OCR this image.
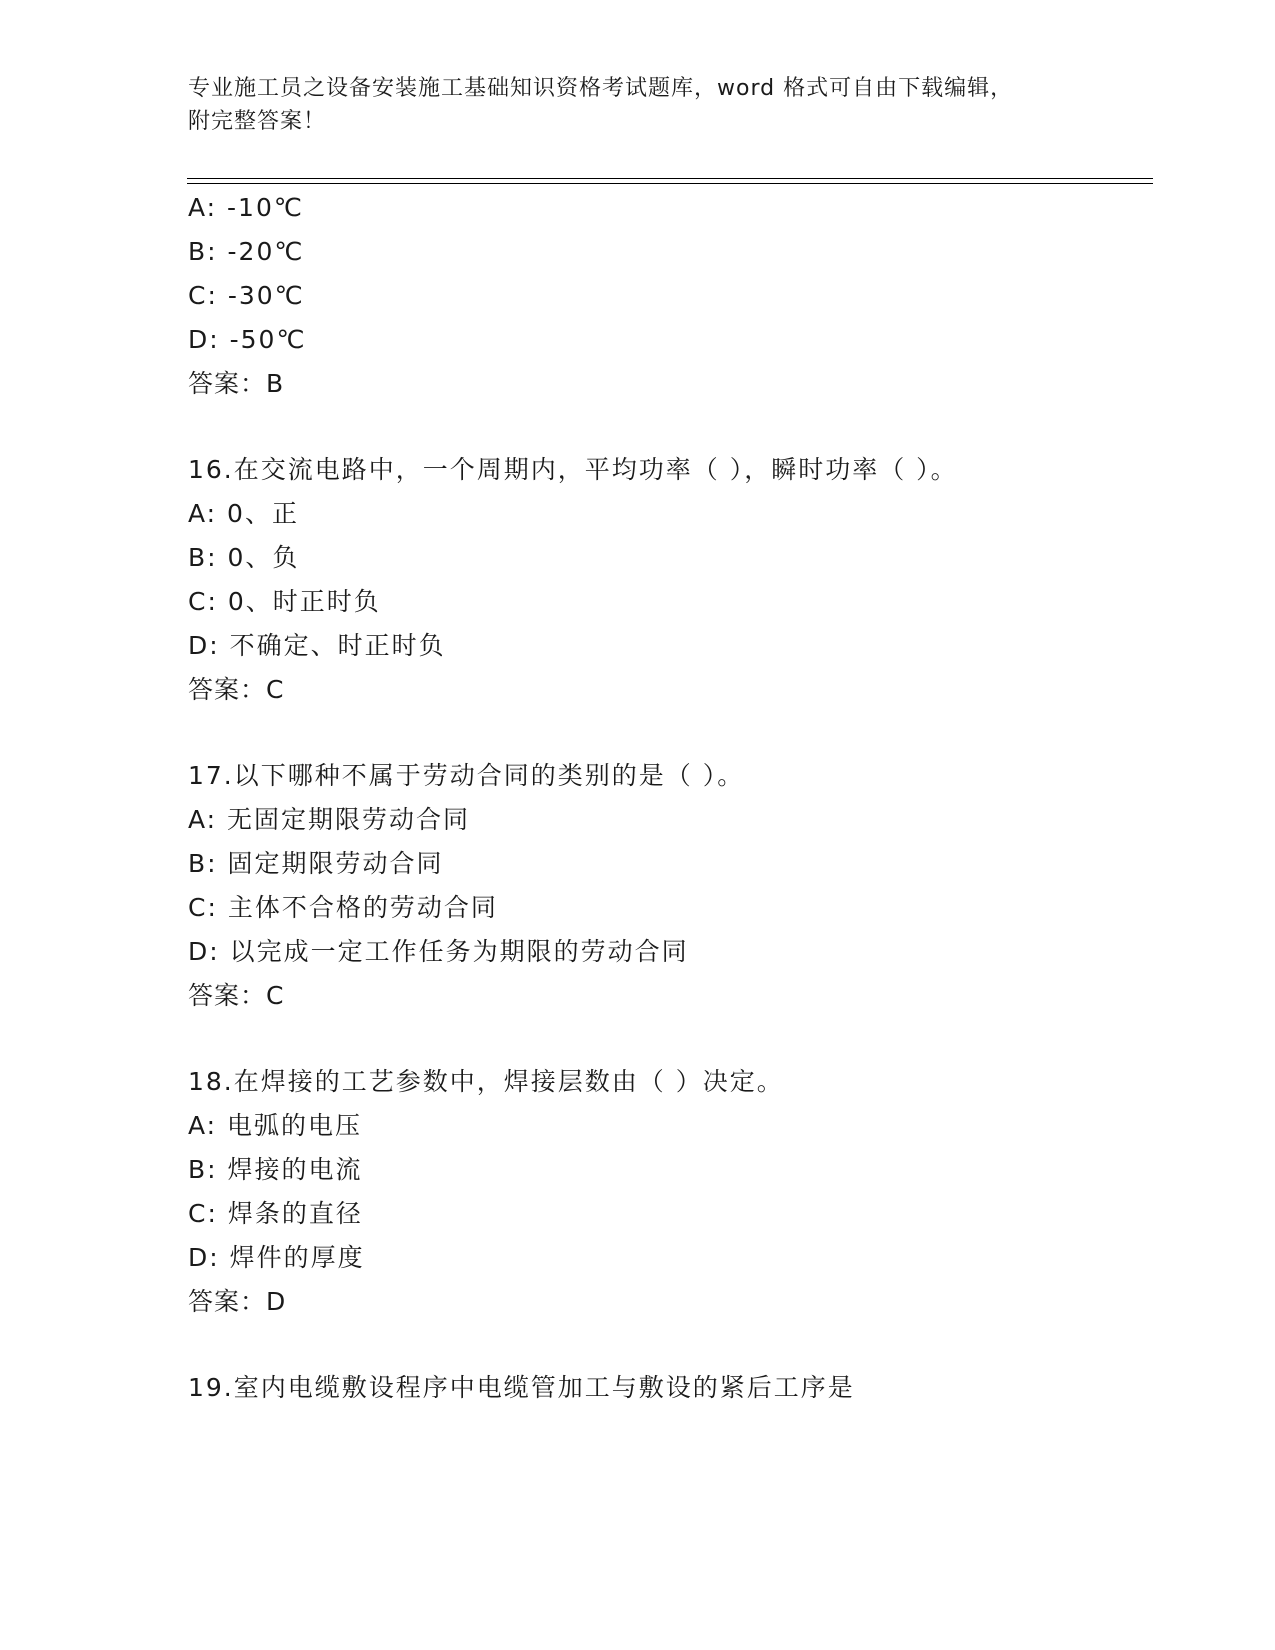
专业施工员之设备安装施工基础知识资格考试题库，word 格式可自由下载编辑，
附完整答案！
A: -10℃
B: -20℃
C: -30℃
D: -50℃
答案：B
16.在交流电路中，一个周期内，平均功率（ ），瞬时功率（ ）。
A: 0、正
B: 0、负
C: 0、时正时负
D: 不确定、时正时负
答案：C
17.以下哪种不属于劳动合同的类别的是（ ）。
A: 无固定期限劳动合同
B: 固定期限劳动合同
C: 主体不合格的劳动合同
D: 以完成一定工作任务为期限的劳动合同
答案：C
18.在焊接的工艺参数中，焊接层数由（ ）决定。
A: 电弧的电压
B: 焊接的电流
C: 焊条的直径
D: 焊件的厚度
答案：D
19.室内电缆敷设程序中电缆管加工与敷设的紧后工序是
